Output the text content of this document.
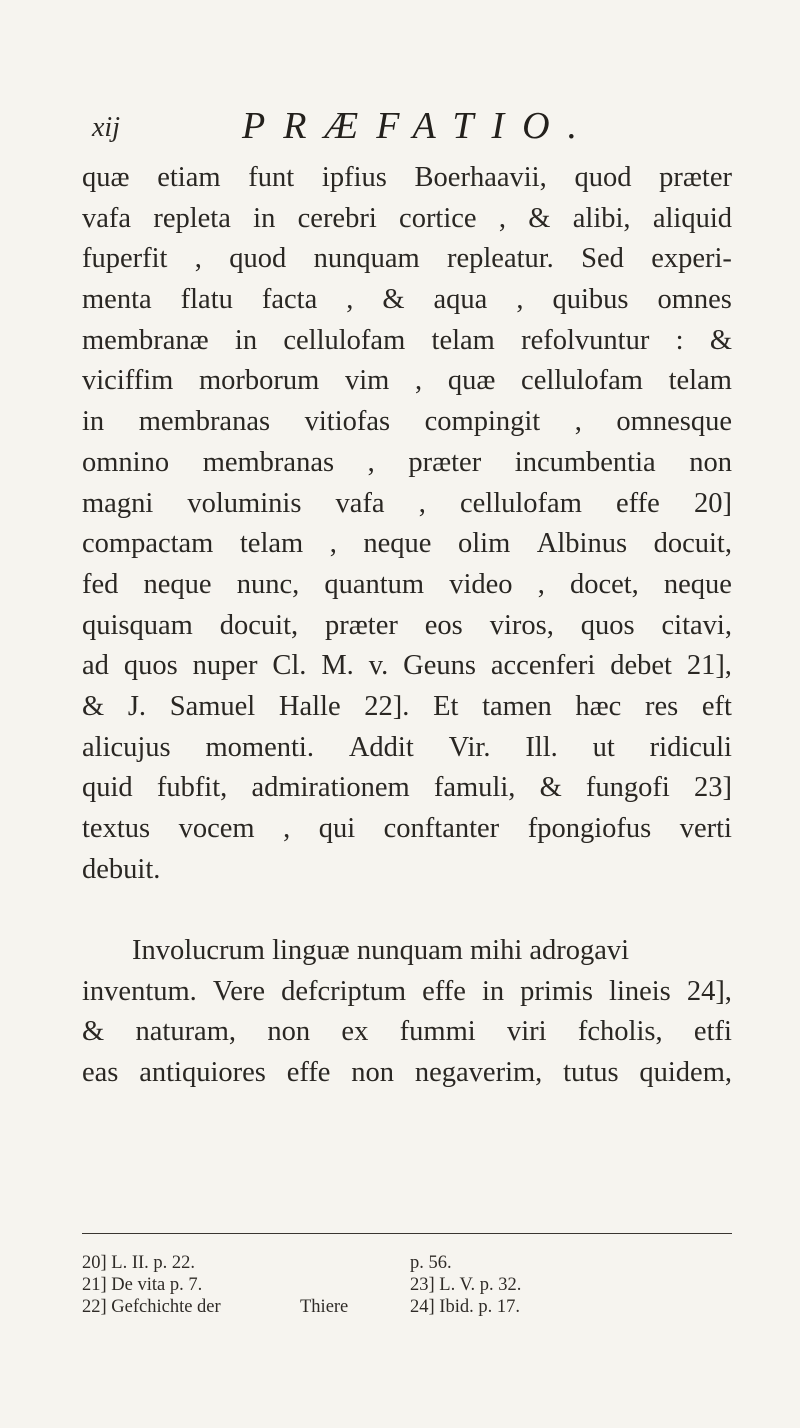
xij	PRÆFATIO.
quæ etiam funt ipfius Boerhaavii, quod præter
vafa repleta in cerebri cortice , & alibi, aliquid
fuperfit , quod nunquam repleatur. Sed experi-
menta flatu facta , & aqua , quibus omnes
membranæ in cellulofam telam refolvuntur : &
viciffim morborum vim , quæ cellulofam telam
in membranas vitiofas compingit , omnesque
omnino membranas , præter incumbentia non
magni voluminis vafa , cellulofam effe 20]
compactam telam , neque olim Albinus docuit,
fed neque nunc, quantum video , docet, neque
quisquam docuit, præter eos viros, quos citavi,
ad quos nuper Cl. M. v. Geuns accenferi debet 21],
& J. Samuel Halle 22]. Et tamen hæc res eft
alicujus momenti. Addit Vir. Ill. ut ridiculi
quid fubfit, admirationem famuli, & fungofi 23]
textus vocem , qui conftanter fpongiofus verti
debuit.
Involucrum linguæ nunquam mihi adrogavi
inventum. Vere defcriptum effe in primis lineis 24],
& naturam, non ex fummi viri fcholis, etfi
eas antiquiores effe non negaverim, tutus quidem,
20] L. II. p. 22.	p. 56.
21] De vita p. 7.	23] L. V. p. 32.
22] Gefchichte der	Thiere	24] Ibid. p. 17.
